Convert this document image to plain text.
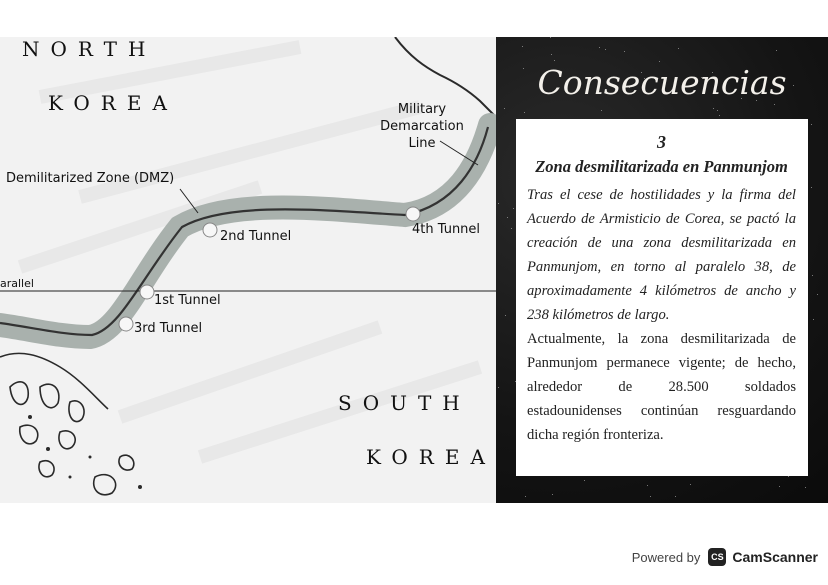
NORTH
KOREA
SOUTH
KOREA
Demilitarized Zone (DMZ)
Military
Demarcation
Line
arallel
1st Tunnel
2nd Tunnel
3rd Tunnel
4th Tunnel
Consecuencias
3
Zona desmilitarizada en Panmunjom

Tras el cese de hostilidades y la firma del Acuerdo de Armisticio de Corea, se pactó la creación de una zona desmilitarizada en Panmunjom, en torno al paralelo 38, de aproximadamente 4 kilómetros de ancho y 238 kilómetros de largo.

Actualmente, la zona desmilitarizada de Panmunjom permanece vigente; de hecho, alrededor de 28.500 soldados estadounidenses continúan resguardando dicha región fronteriza.

Powered by	CS CamScanner
